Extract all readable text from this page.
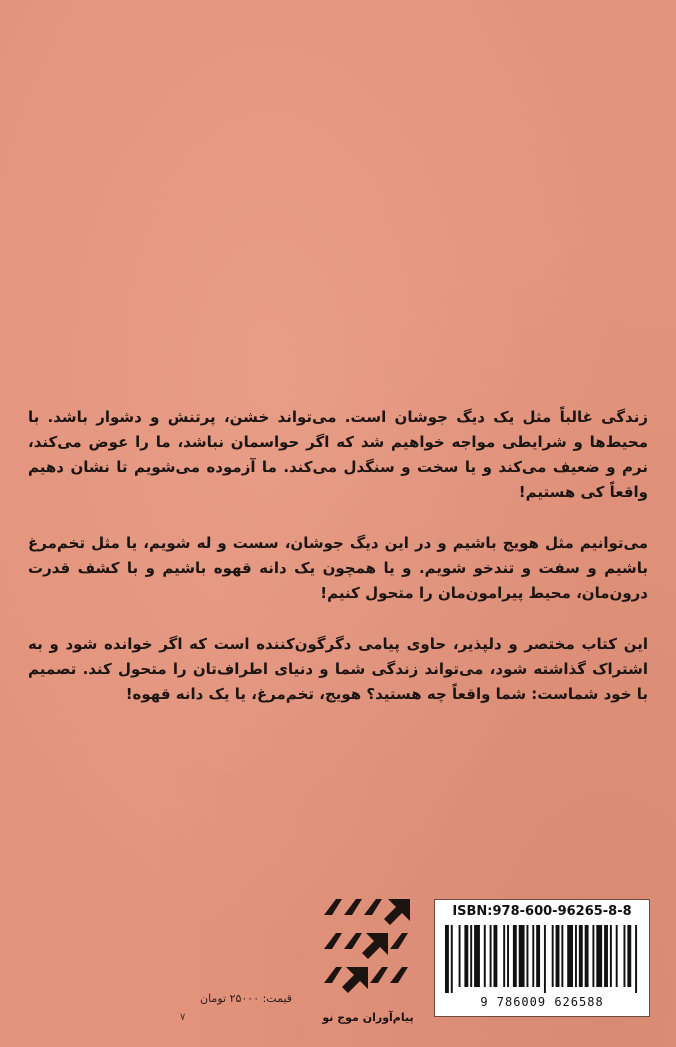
زندگی غالباً مثل یک دیگ جوشان است. می‌تواند خشن، پرتنش و دشوار باشد. با محیط‌ها و شرایطی مواجه خواهیم شد که اگر حواسمان نباشد، ما را عوض می‌کند، نرم و ضعیف می‌کند و یا سخت و سنگدل می‌کند. ما آزموده می‌شویم تا نشان دهیم واقعاً کی هستیم!

می‌توانیم مثل هویج باشیم و در این دیگ جوشان، سست و له شویم، یا مثل تخم‌مرغ باشیم و سفت و تندخو شویم. و یا همچون یک دانه قهوه باشیم و با کشف قدرت درون‌مان، محیط پیرامون‌مان را متحول کنیم!

این کتاب مختصر و دلپذیر، حاوی پیامی دگرگون‌کننده است که اگر خوانده شود و به اشتراک گذاشته شود، می‌تواند زندگی شما و دنیای اطراف‌تان را متحول کند. تصمیم با خود شماست: شما واقعاً چه هستید؟ هویج، تخم‌مرغ، یا یک دانه قهوه!

پیام‌آوران موج نو
قیمت: ۲۵۰۰۰ تومان
۷
ISBN:978-600-96265-8-8
9 786009 626588
